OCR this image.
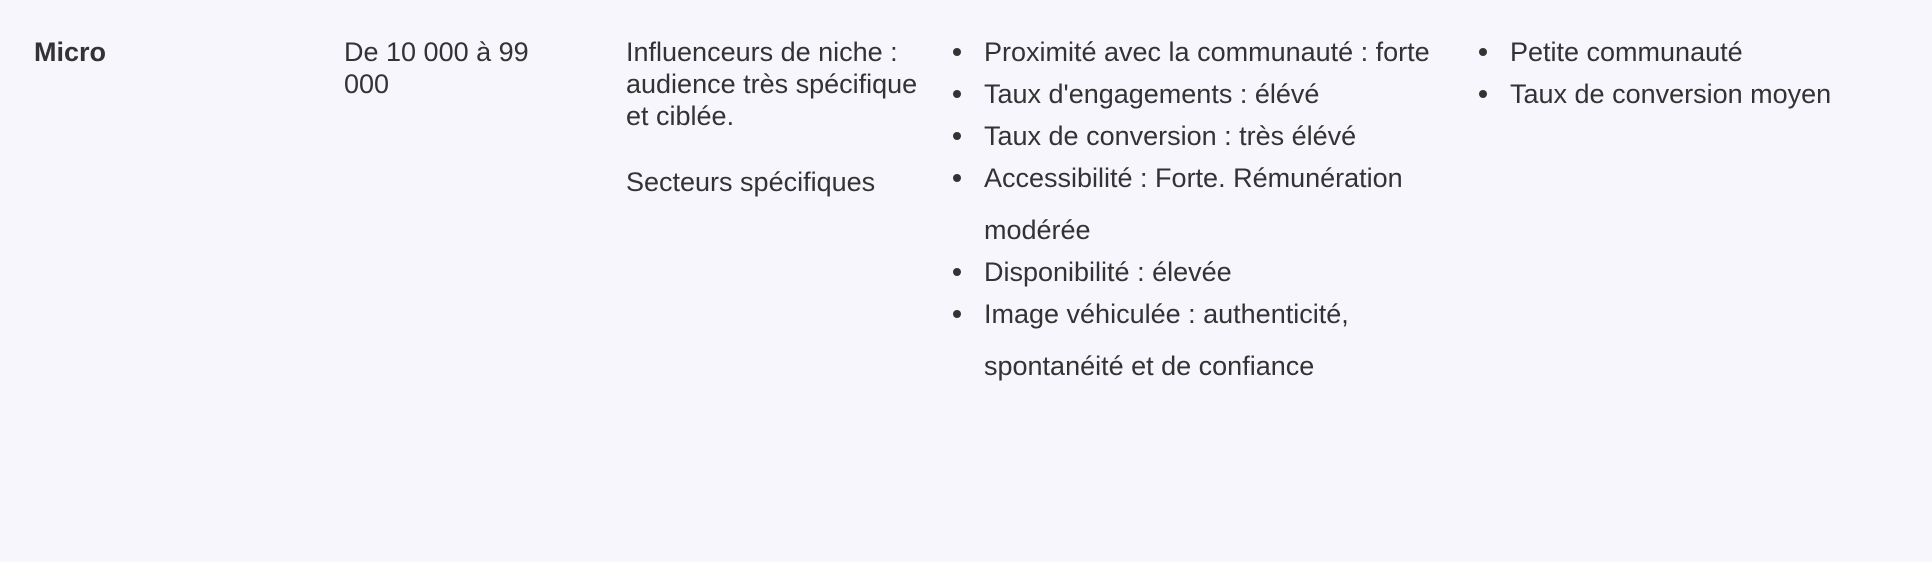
Micro	De 10 000 à 99 000

Influenceurs de niche : audience très spécifique et ciblée.

Secteurs spécifiques

Proximité avec la communauté : forte
Taux d'engagements : élévé
Taux de conversion : très élévé
Accessibilité : Forte. Rémunération modérée
Disponibilité : élevée
Image véhiculée : authenticité, spontanéité et de confiance
Petite communauté
Taux de conversion moyen
